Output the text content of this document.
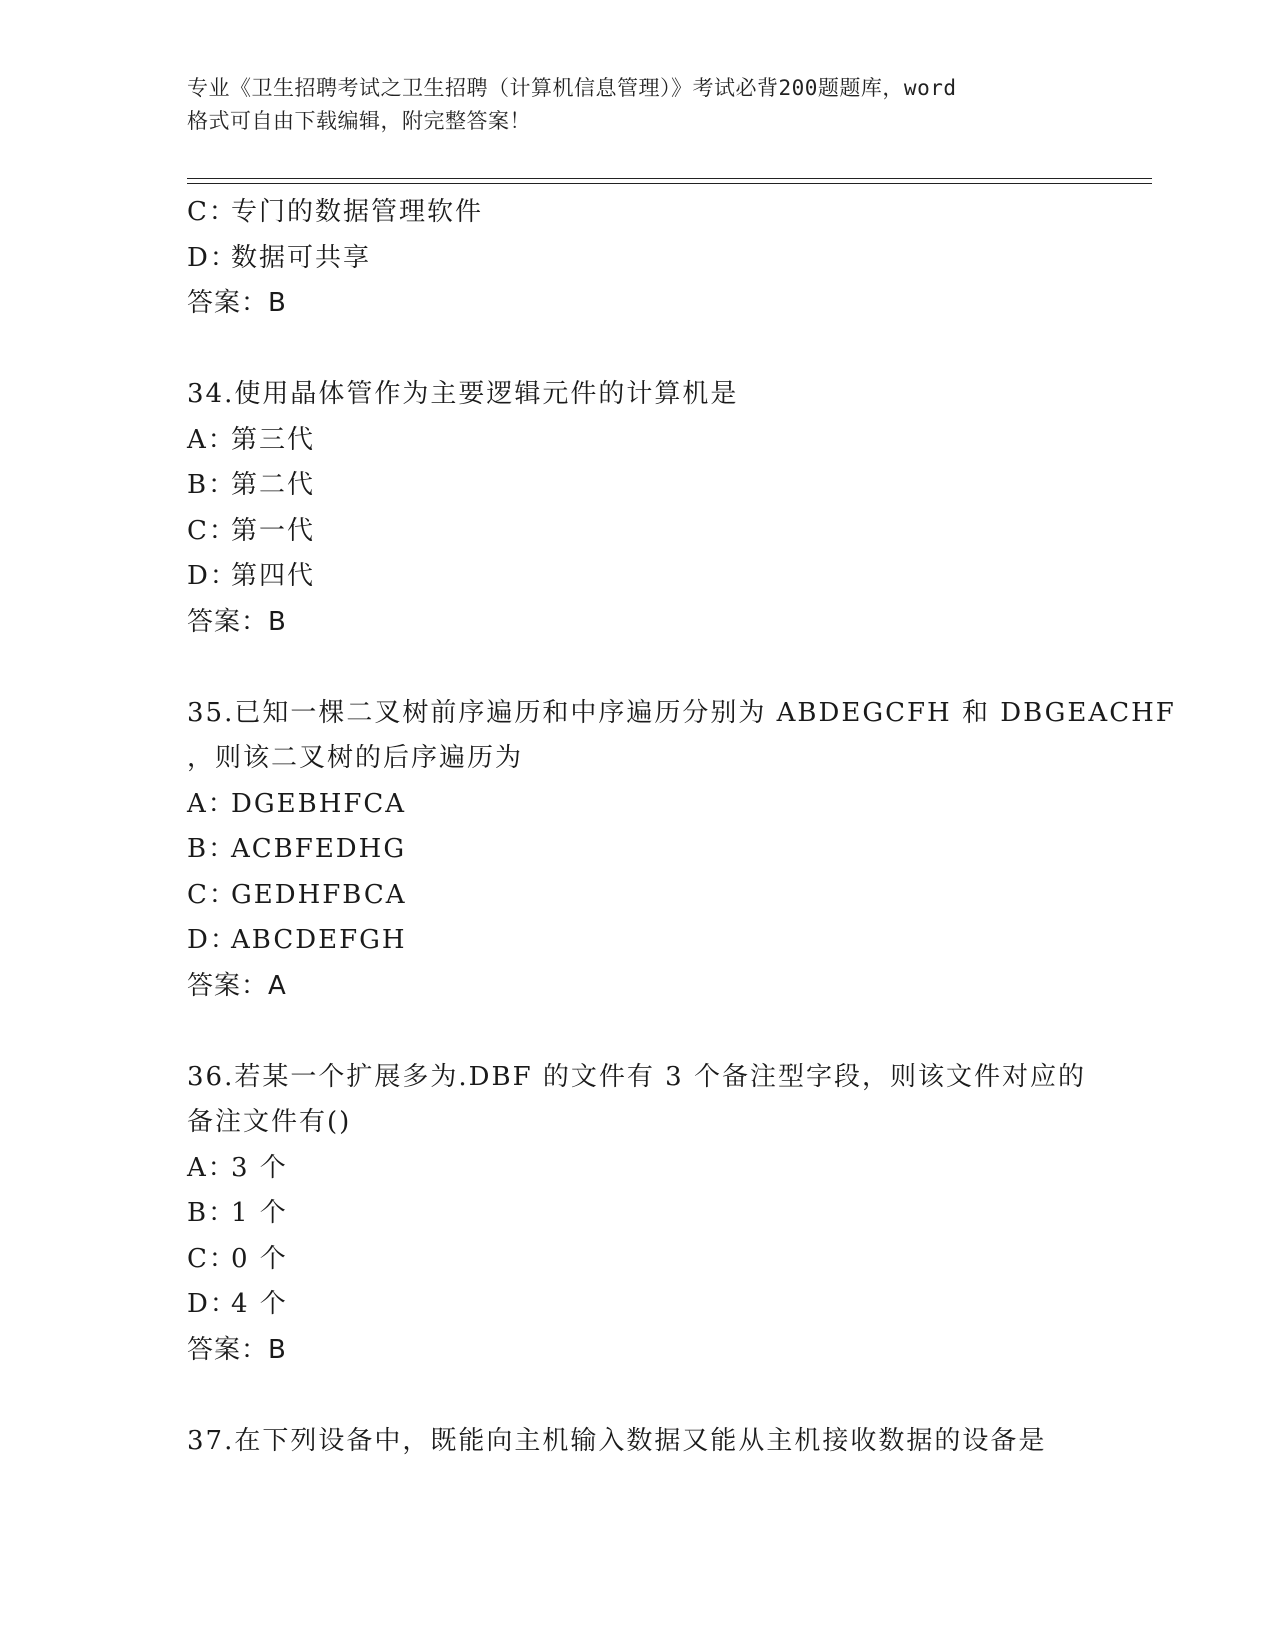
专业《卫生招聘考试之卫生招聘（计算机信息管理）》考试必背200题题库，word
格式可自由下载编辑，附完整答案！
C：专门的数据管理软件
D：数据可共享
答案：B
34.使用晶体管作为主要逻辑元件的计算机是
A：第三代
B：第二代
C：第一代
D：第四代
答案：B
35.已知一棵二叉树前序遍历和中序遍历分别为 ABDEGCFH 和 DBGEACHF
，则该二叉树的后序遍历为
A：DGEBHFCA
B：ACBFEDHG
C：GEDHFBCA
D：ABCDEFGH
答案：A
36.若某一个扩展多为.DBF 的文件有 3 个备注型字段，则该文件对应的
备注文件有()
A：3 个
B：1 个
C：0 个
D：4 个
答案：B
37.在下列设备中，既能向主机输入数据又能从主机接收数据的设备是
